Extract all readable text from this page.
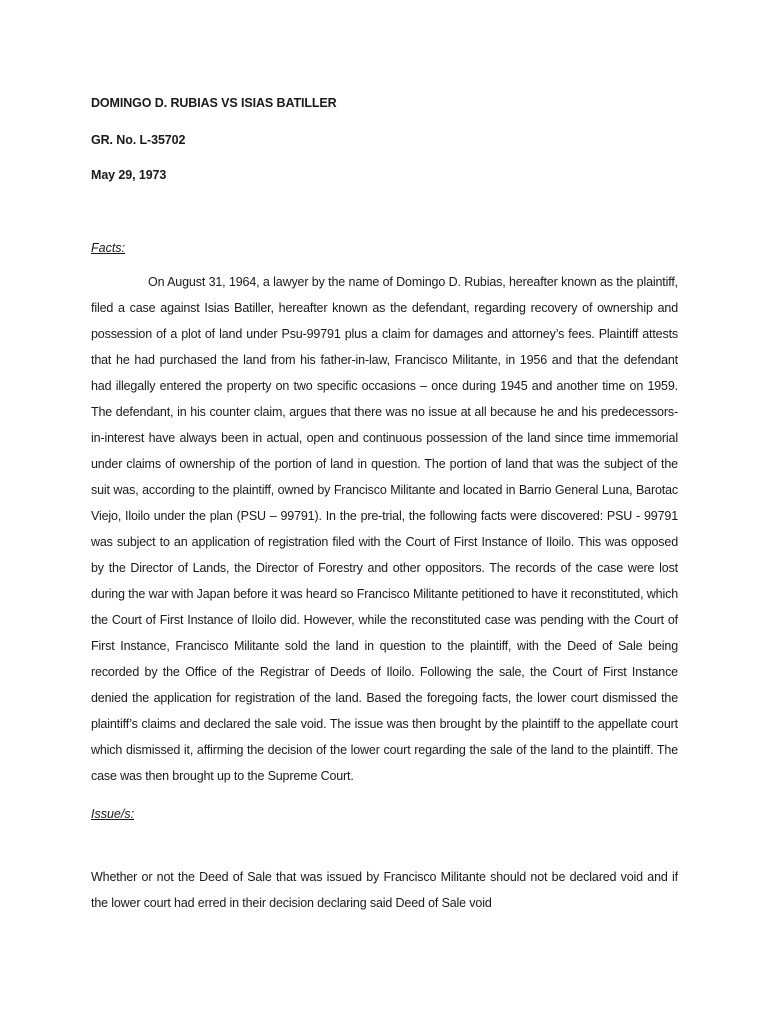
DOMINGO D. RUBIAS VS ISIAS BATILLER
GR. No. L-35702
May 29, 1973
Facts:
On August 31, 1964, a lawyer by the name of Domingo D. Rubias, hereafter known as the plaintiff, filed a case against Isias Batiller, hereafter known as the defendant, regarding recovery of ownership and possession of a plot of land under Psu-99791 plus a claim for damages and attorney’s fees. Plaintiff attests that he had purchased the land from his father-in-law, Francisco Militante, in 1956 and that the defendant had illegally entered the property on two specific occasions – once during 1945 and another time on 1959. The defendant, in his counter claim, argues that there was no issue at all because he and his predecessors-in-interest have always been in actual, open and continuous possession of the land since time immemorial under claims of ownership of the portion of land in question. The portion of land that was the subject of the suit was, according to the plaintiff, owned by Francisco Militante and located in Barrio General Luna, Barotac Viejo, Iloilo under the plan (PSU – 99791). In the pre-trial, the following facts were discovered: PSU - 99791 was subject to an application of registration filed with the Court of First Instance of Iloilo. This was opposed by the Director of Lands, the Director of Forestry and other oppositors. The records of the case were lost during the war with Japan before it was heard so Francisco Militante petitioned to have it reconstituted, which the Court of First Instance of Iloilo did. However, while the reconstituted case was pending with the Court of First Instance, Francisco Militante sold the land in question to the plaintiff, with the Deed of Sale being recorded by the Office of the Registrar of Deeds of Iloilo. Following the sale, the Court of First Instance denied the application for registration of the land. Based the foregoing facts, the lower court dismissed the plaintiff’s claims and declared the sale void. The issue was then brought by the plaintiff to the appellate court which dismissed it, affirming the decision of the lower court regarding the sale of the land to the plaintiff. The case was then brought up to the Supreme Court.
Issue/s:
Whether or not the Deed of Sale that was issued by Francisco Militante should not be declared void and if the lower court had erred in their decision declaring said Deed of Sale void
